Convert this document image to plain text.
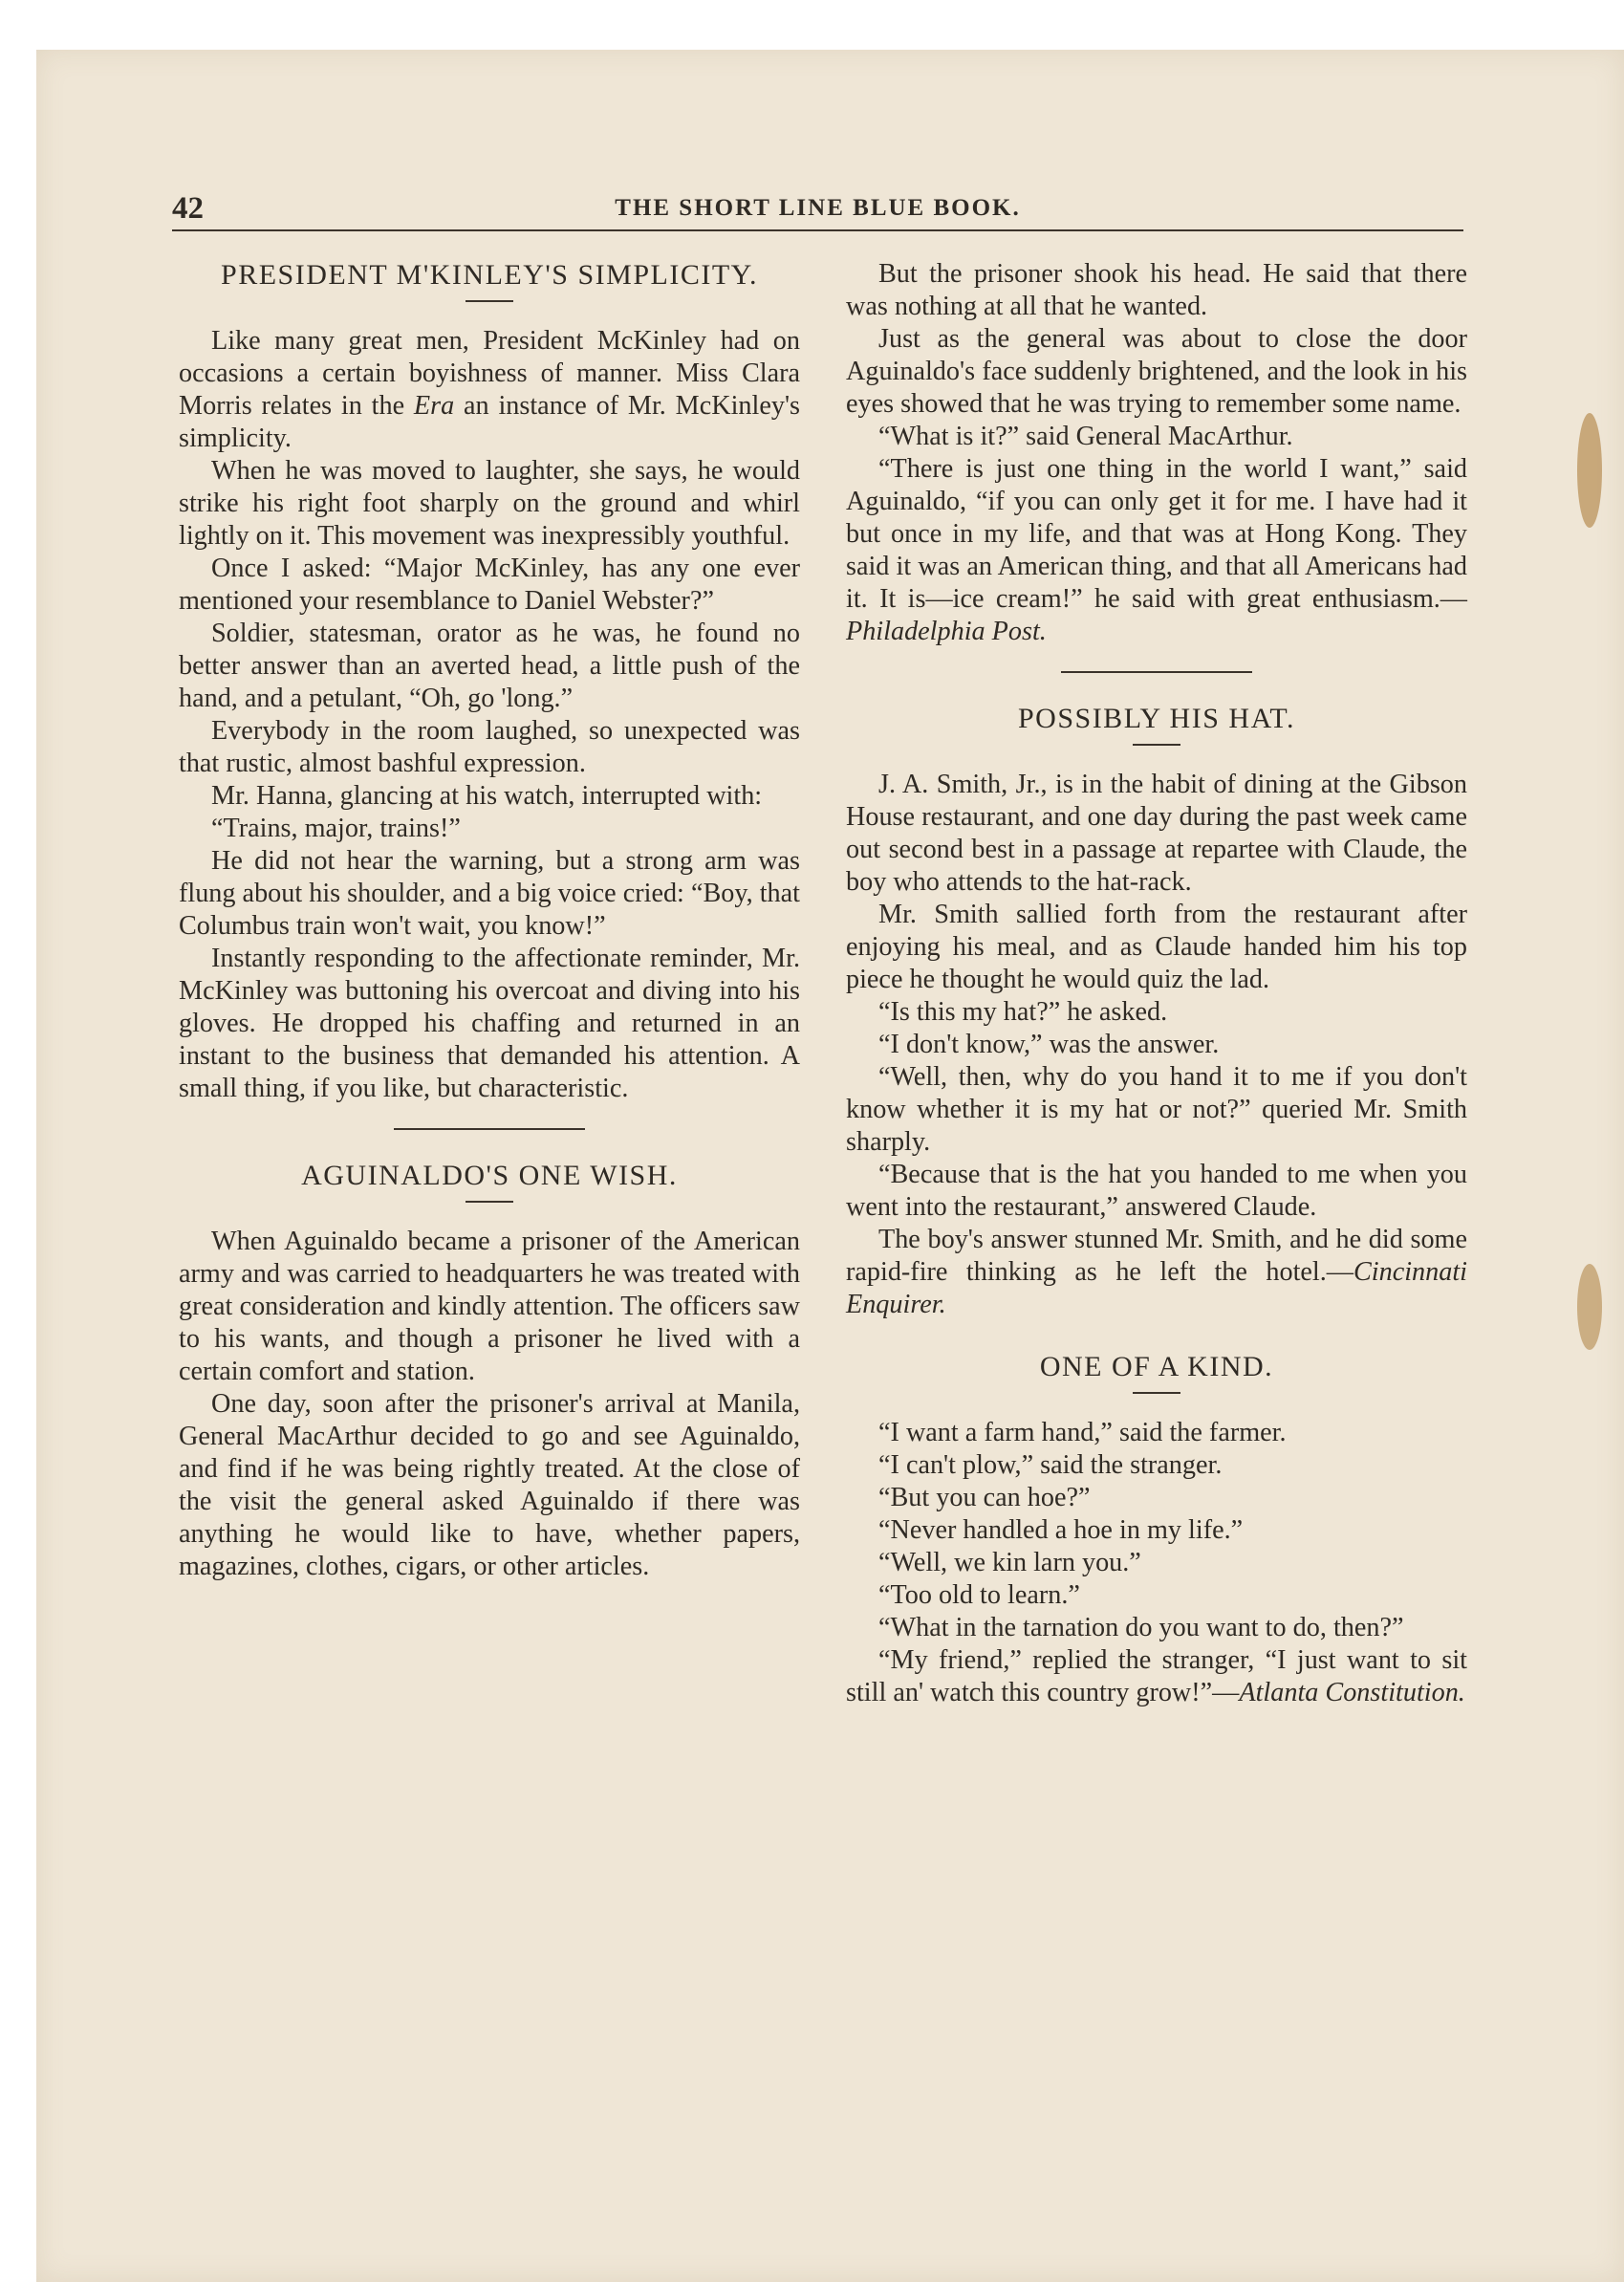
42	THE SHORT LINE BLUE BOOK.
PRESIDENT M'KINLEY'S SIMPLICITY.

Like many great men, President McKinley had on occasions a certain boyishness of manner. Miss Clara Morris relates in the Era an instance of Mr. McKinley's simplicity.

When he was moved to laughter, she says, he would strike his right foot sharply on the ground and whirl lightly on it. This movement was inexpressibly youthful.

Once I asked: “Major McKinley, has any one ever mentioned your resemblance to Daniel Webster?”

Soldier, statesman, orator as he was, he found no better answer than an averted head, a little push of the hand, and a petulant, “Oh, go 'long.”

Everybody in the room laughed, so unexpected was that rustic, almost bashful expression.

Mr. Hanna, glancing at his watch, interrupted with:

“Trains, major, trains!”

He did not hear the warning, but a strong arm was flung about his shoulder, and a big voice cried: “Boy, that Columbus train won't wait, you know!”

Instantly responding to the affectionate reminder, Mr. McKinley was buttoning his overcoat and diving into his gloves. He dropped his chaffing and returned in an instant to the business that demanded his attention. A small thing, if you like, but characteristic.

AGUINALDO'S ONE WISH.

When Aguinaldo became a prisoner of the American army and was carried to headquarters he was treated with great consideration and kindly attention. The officers saw to his wants, and though a prisoner he lived with a certain comfort and station.

One day, soon after the prisoner's arrival at Manila, General MacArthur decided to go and see Aguinaldo, and find if he was being rightly treated. At the close of the visit the general asked Aguinaldo if there was anything he would like to have, whether papers, magazines, clothes, cigars, or other articles.

But the prisoner shook his head. He said that there was nothing at all that he wanted.

Just as the general was about to close the door Aguinaldo's face suddenly brightened, and the look in his eyes showed that he was trying to remember some name.

“What is it?” said General MacArthur.

“There is just one thing in the world I want,” said Aguinaldo, “if you can only get it for me. I have had it but once in my life, and that was at Hong Kong. They said it was an American thing, and that all Americans had it. It is—ice cream!” he said with great enthusiasm.—Philadelphia Post.

POSSIBLY HIS HAT.

J. A. Smith, Jr., is in the habit of dining at the Gibson House restaurant, and one day during the past week came out second best in a passage at repartee with Claude, the boy who attends to the hat-rack.

Mr. Smith sallied forth from the restaurant after enjoying his meal, and as Claude handed him his top piece he thought he would quiz the lad.

“Is this my hat?” he asked.

“I don't know,” was the answer.

“Well, then, why do you hand it to me if you don't know whether it is my hat or not?” queried Mr. Smith sharply.

“Because that is the hat you handed to me when you went into the restaurant,” answered Claude.

The boy's answer stunned Mr. Smith, and he did some rapid-fire thinking as he left the hotel.—Cincinnati Enquirer.

ONE OF A KIND.

“I want a farm hand,” said the farmer.

“I can't plow,” said the stranger.

“But you can hoe?”

“Never handled a hoe in my life.”

“Well, we kin larn you.”

“Too old to learn.”

“What in the tarnation do you want to do, then?”

“My friend,” replied the stranger, “I just want to sit still an' watch this country grow!”—Atlanta Constitution.
